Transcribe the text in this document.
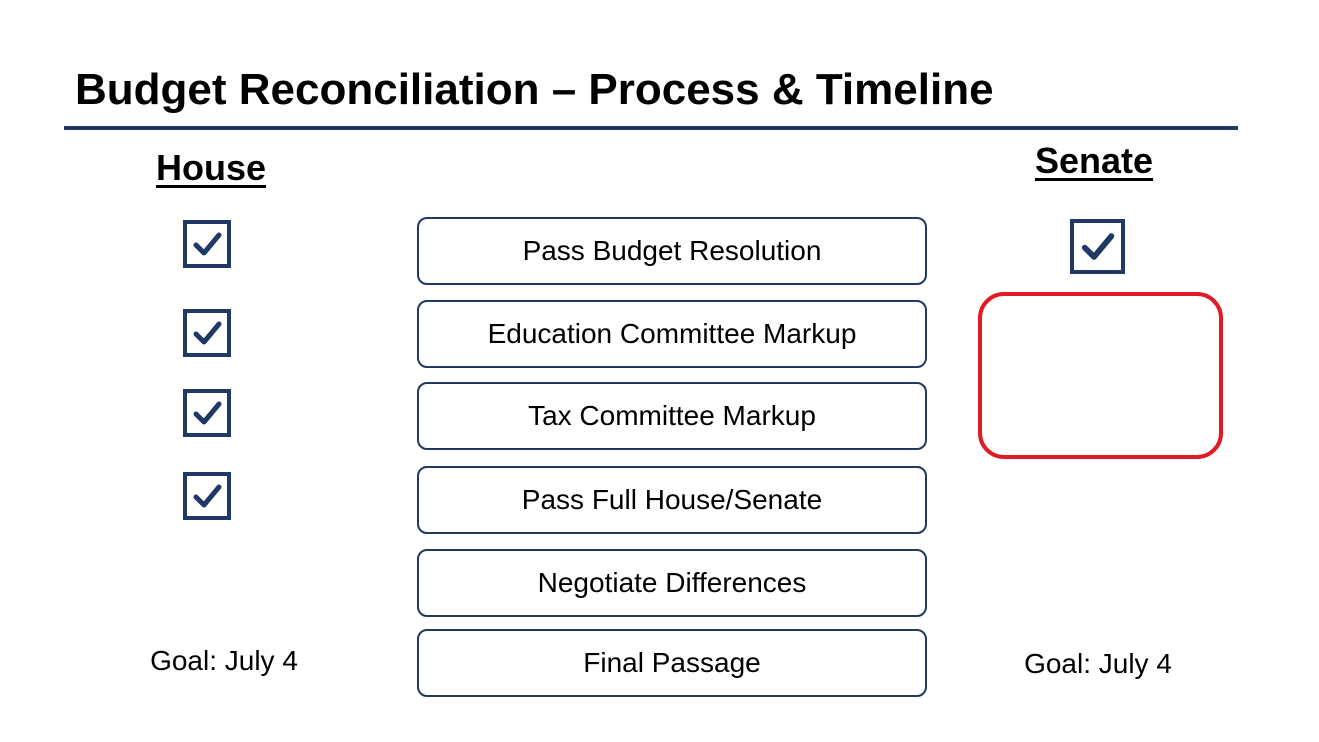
Budget Reconciliation – Process & Timeline
House	Senate
Pass Budget Resolution
Education Committee Markup
Tax Committee Markup
Pass Full House/Senate
Negotiate Differences
Final Passage
Goal: July 4	Goal: July 4
